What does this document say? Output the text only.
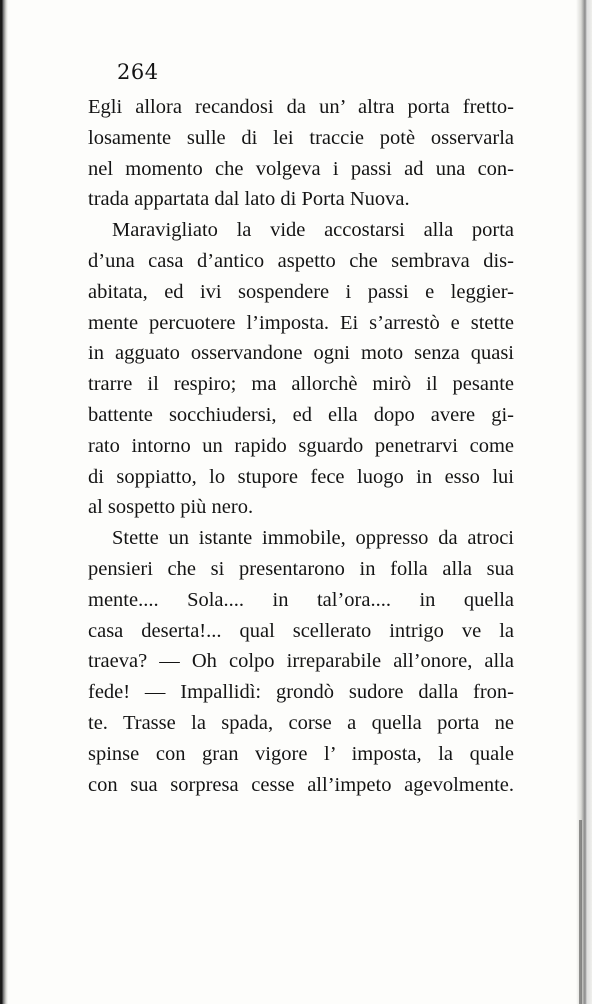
264
Egli allora recandosi da un’ altra porta fretto-
losamente sulle di lei traccie potè osservarla
nel momento che volgeva i passi ad una con-
trada appartata dal lato di Porta Nuova.
Maravigliato la vide accostarsi alla porta
d’una casa d’antico aspetto che sembrava dis-
abitata, ed ivi sospendere i passi e leggier-
mente percuotere l’imposta. Ei s’arrestò e stette
in agguato osservandone ogni moto senza quasi
trarre il respiro; ma allorchè mirò il pesante
battente socchiudersi, ed ella dopo avere gi-
rato intorno un rapido sguardo penetrarvi come
di soppiatto, lo stupore fece luogo in esso lui
al sospetto più nero.
Stette un istante immobile, oppresso da atroci
pensieri che si presentarono in folla alla sua
mente.... Sola.... in tal’ora.... in quella
casa deserta!... qual scellerato intrigo ve la
traeva? — Oh colpo irreparabile all’onore, alla
fede! — Impallidì: grondò sudore dalla fron-
te. Trasse la spada, corse a quella porta ne
spinse con gran vigore l’ imposta, la quale
con sua sorpresa cesse all’impeto agevolmente.
